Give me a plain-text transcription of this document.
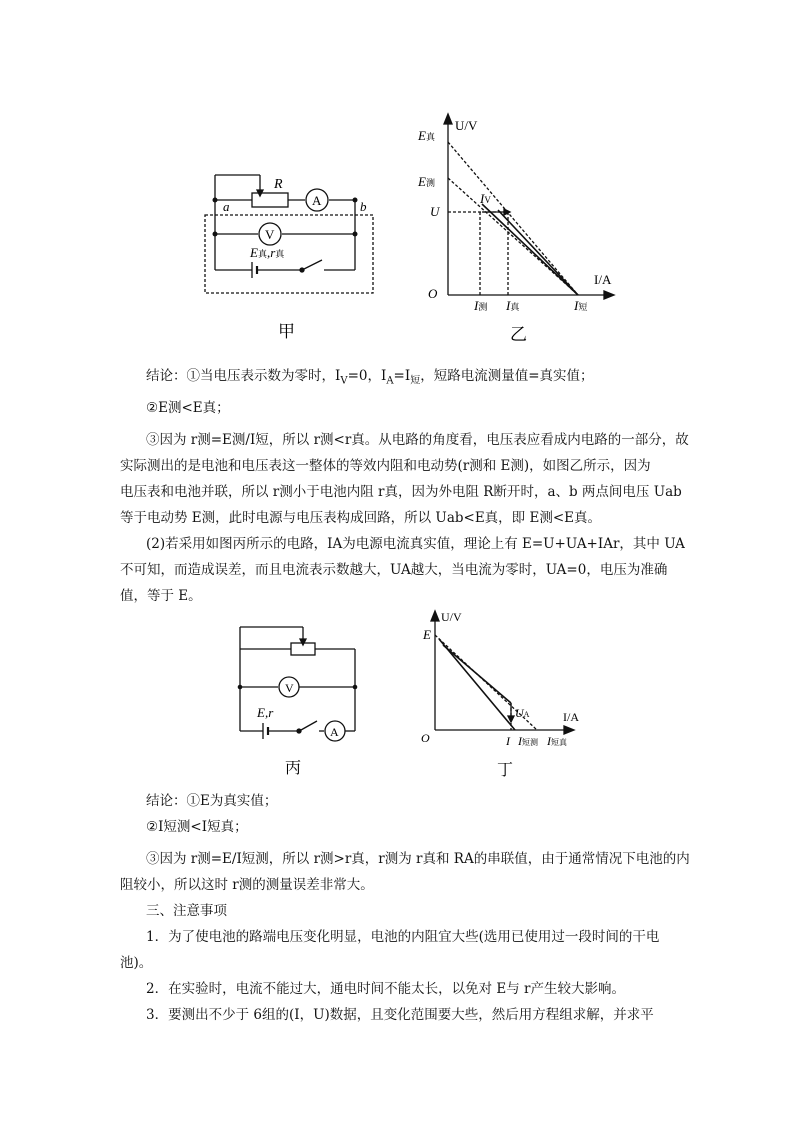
R
A
V
a	b
E真,r真
甲
U/V
I/A
O
E真
E测
U
IV
I测 I真	I短
乙
结论：①当电压表示数为零时，$I_V=0$，$I_A=I_短$，短路电流测量值=真实值；
②E测<E真；
③因为 r测=E测/I短，所以 r测<r真。从电路的角度看，电压表应看成内电路的一部分，故
实际测出的是电池和电压表这一整体的等效内阻和电动势(r测和 E测)，如图乙所示，因为
电压表和电池并联，所以 r测小于电池内阻 r真，因为外电阻 R断开时，a、b 两点间电压 Uab
等于电动势 E测，此时电源与电压表构成回路，所以 Uab<E真，即 E测<E真。
(2)若采用如图丙所示的电路，IA为电源电流真实值，理论上有 E=U+UA+IAr，其中 UA
不可知，而造成误差，而且电流表示数越大，UA越大，当电流为零时，UA=0，电压为准确
值，等于 E。
V
A
E,r
丙
U/V
I/A
O
E
UA
I I短测 I短真
丁
结论：①E为真实值；
②I短测<I短真；
③因为 r测=E/I短测，所以 r测>r真，r测为 r真和 RA的串联值，由于通常情况下电池的内
阻较小，所以这时 r测的测量误差非常大。
三、注意事项
1．为了使电池的路端电压变化明显，电池的内阻宜大些(选用已使用过一段时间的干电
池)。
2．在实验时，电流不能过大，通电时间不能太长，以免对 E与 r产生较大影响。
3．要测出不少于 6组的(I，U)数据，且变化范围要大些，然后用方程组求解，并求平
